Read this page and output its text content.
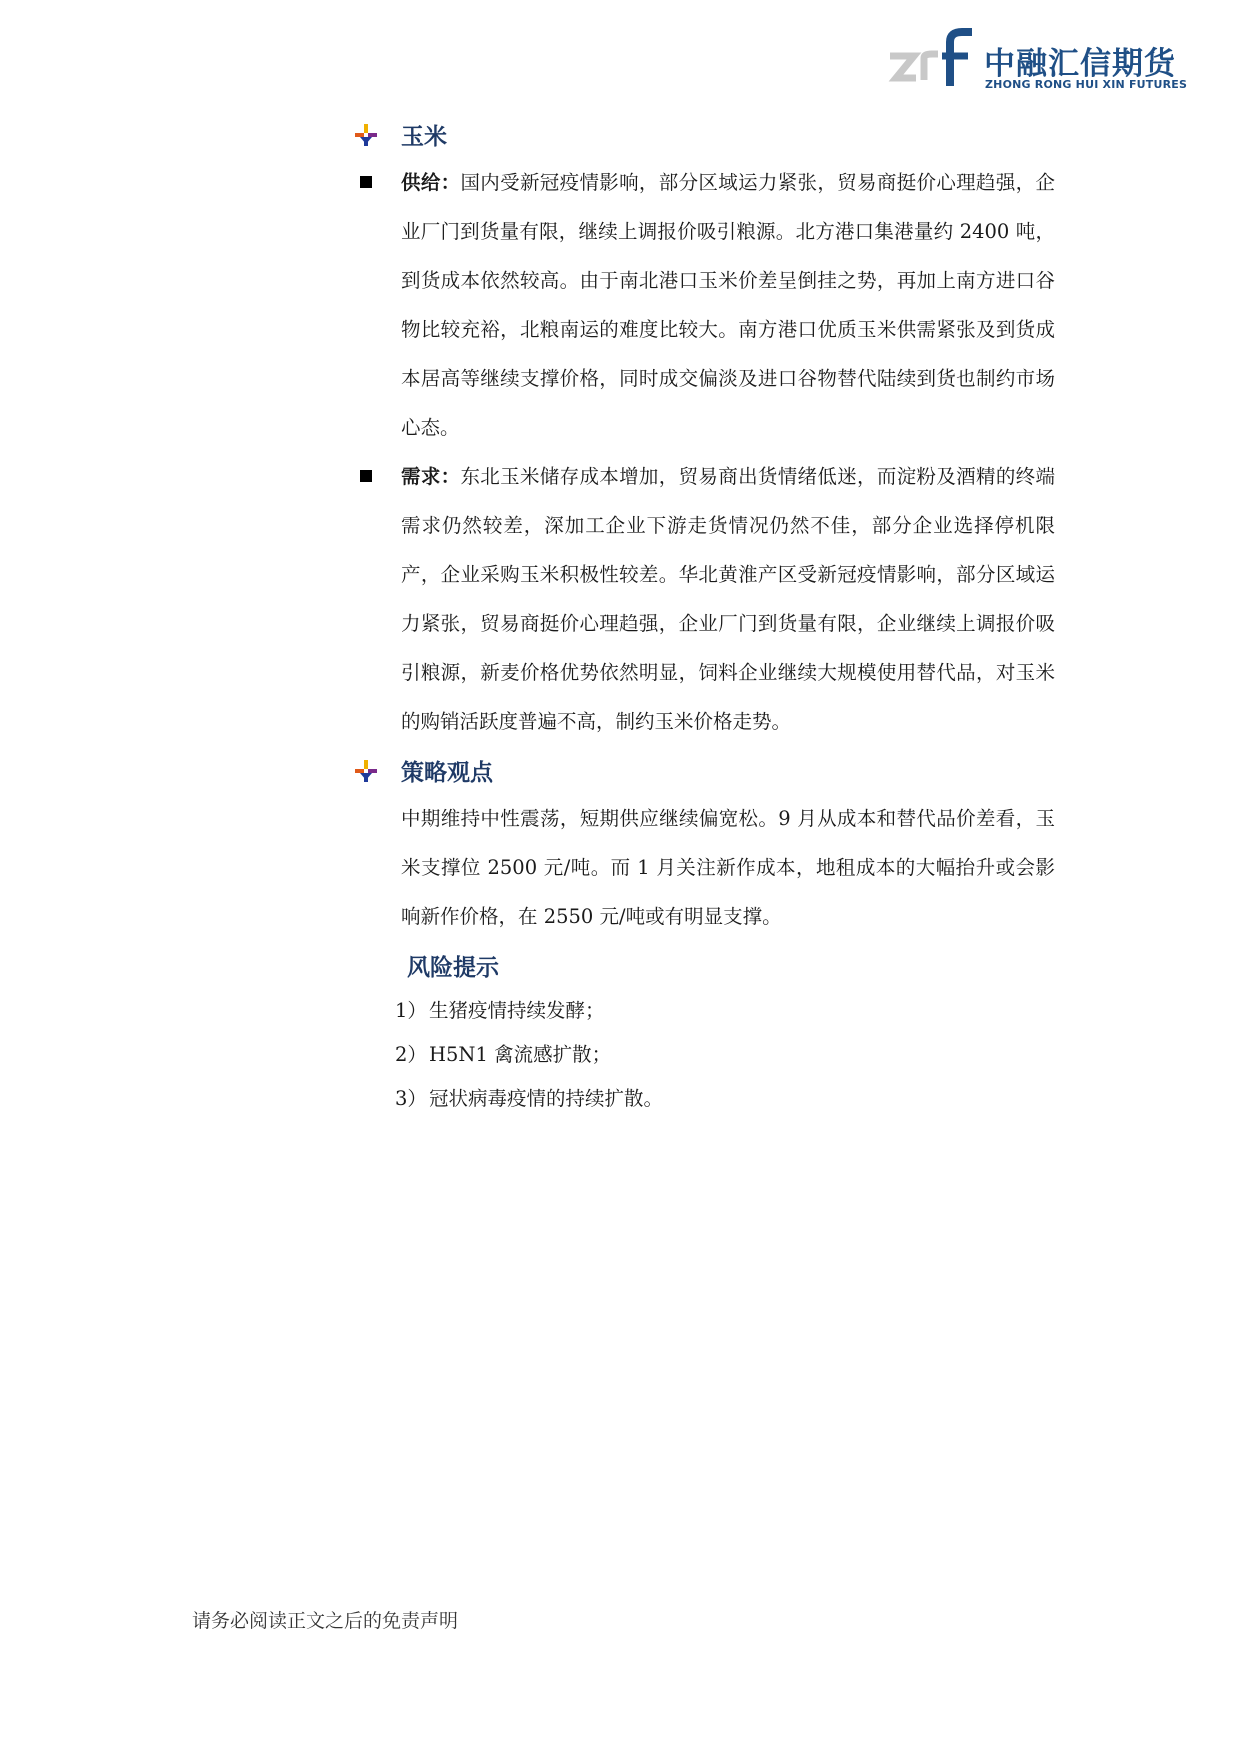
中融汇信期货
ZHONG RONG HUI XIN FUTURES
玉米

供给：国内受新冠疫情影响，部分区域运力紧张，贸易商挺价心理趋强，企业厂门到货量有限，继续上调报价吸引粮源。北方港口集港量约 2400 吨，到货成本依然较高。由于南北港口玉米价差呈倒挂之势，再加上南方进口谷物比较充裕，北粮南运的难度比较大。南方港口优质玉米供需紧张及到货成本居高等继续支撑价格，同时成交偏淡及进口谷物替代陆续到货也制约市场心态。

需求：东北玉米储存成本增加，贸易商出货情绪低迷，而淀粉及酒精的终端需求仍然较差，深加工企业下游走货情况仍然不佳，部分企业选择停机限产，企业采购玉米积极性较差。华北黄淮产区受新冠疫情影响，部分区域运力紧张，贸易商挺价心理趋强，企业厂门到货量有限，企业继续上调报价吸引粮源，新麦价格优势依然明显，饲料企业继续大规模使用替代品，对玉米的购销活跃度普遍不高，制约玉米价格走势。

策略观点

中期维持中性震荡，短期供应继续偏宽松。9 月从成本和替代品价差看，玉米支撑位 2500 元/吨。而 1 月关注新作成本，地租成本的大幅抬升或会影响新作价格，在 2550 元/吨或有明显支撑。

风险提示
1） 生猪疫情持续发酵；
2） H5N1 禽流感扩散；
3） 冠状病毒疫情的持续扩散。
请务必阅读正文之后的免责声明
